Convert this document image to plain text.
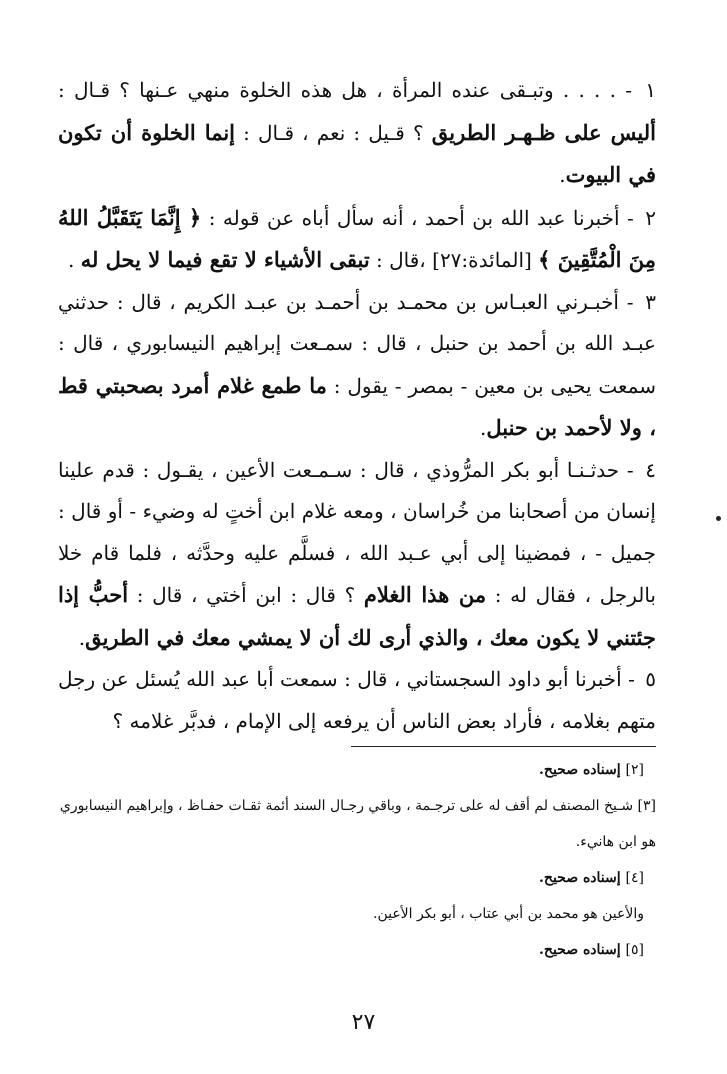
١ - . . . . وتبـقى عنده المرأة ، هل هذه الخلوة منهي عـنها ؟ قـال : أليس على ظـهـر الطريق ؟ قـيل : نعم ، قـال : إنما الخلوة أن تكون في البيوت.

٢ - أخبرنا عبد الله بن أحمد ، أنه سأل أباه عن قوله : ﴿ إِنَّمَا يَتَقَبَّلُ اللهُ مِنَ الْمُتَّقِينَ ﴾ [المائدة:٢٧] ،قال : تبقى الأشياء لا تقع فيما لا يحل له .

٣ - أخبـرني العبـاس بن محمـد بن أحمـد بن عبـد الكريم ، قال : حدثني عبـد الله بن أحمد بن حنبل ، قال : سمـعت إبراهيم النيسابوري ، قال : سمعت يحيى بن معين - بمصر - يقول : ما طمع غلام أمرد بصحبتي قط ، ولا لأحمد بن حنبل.

٤ - حدثـنـا أبو بكر المرُّوذي ، قال : سـمـعت الأعين ، يقـول : قدم علينا إنسان من أصحابنا من خُراسان ، ومعه غلام ابن أختٍ له وضيء - أو قال : جميل - ، فمضينا إلى أبي عـبد الله ، فسلَّم عليه وحدَّثه ، فلما قام خلا بالرجل ، فقال له : من هذا الغلام ؟ قال : ابن أختي ، قال : أحبُّ إذا جئتني لا يكون معك ، والذي أرى لك أن لا يمشي معك في الطريق.

٥ - أخبرنا أبو داود السجستاني ، قال : سمعت أبا عبد الله يُسئل عن رجل متهم بغلامه ، فأراد بعض الناس أن يرفعه إلى الإمام ، فدبَّر غلامه ؟

[٢] إسناده صحيح.

[٣] شـيخ المصنف لم أقف له على ترجـمة ، وباقي رجـال السند أئمة ثقـات حفـاظ ، وإبراهيم النيسابوري هو ابن هانيء.

[٤] إسناده صحيح.

والأعين هو محمد بن أبي عتاب ، أبو بكر الأعين.

[٥] إسناده صحيح.

٢٧
